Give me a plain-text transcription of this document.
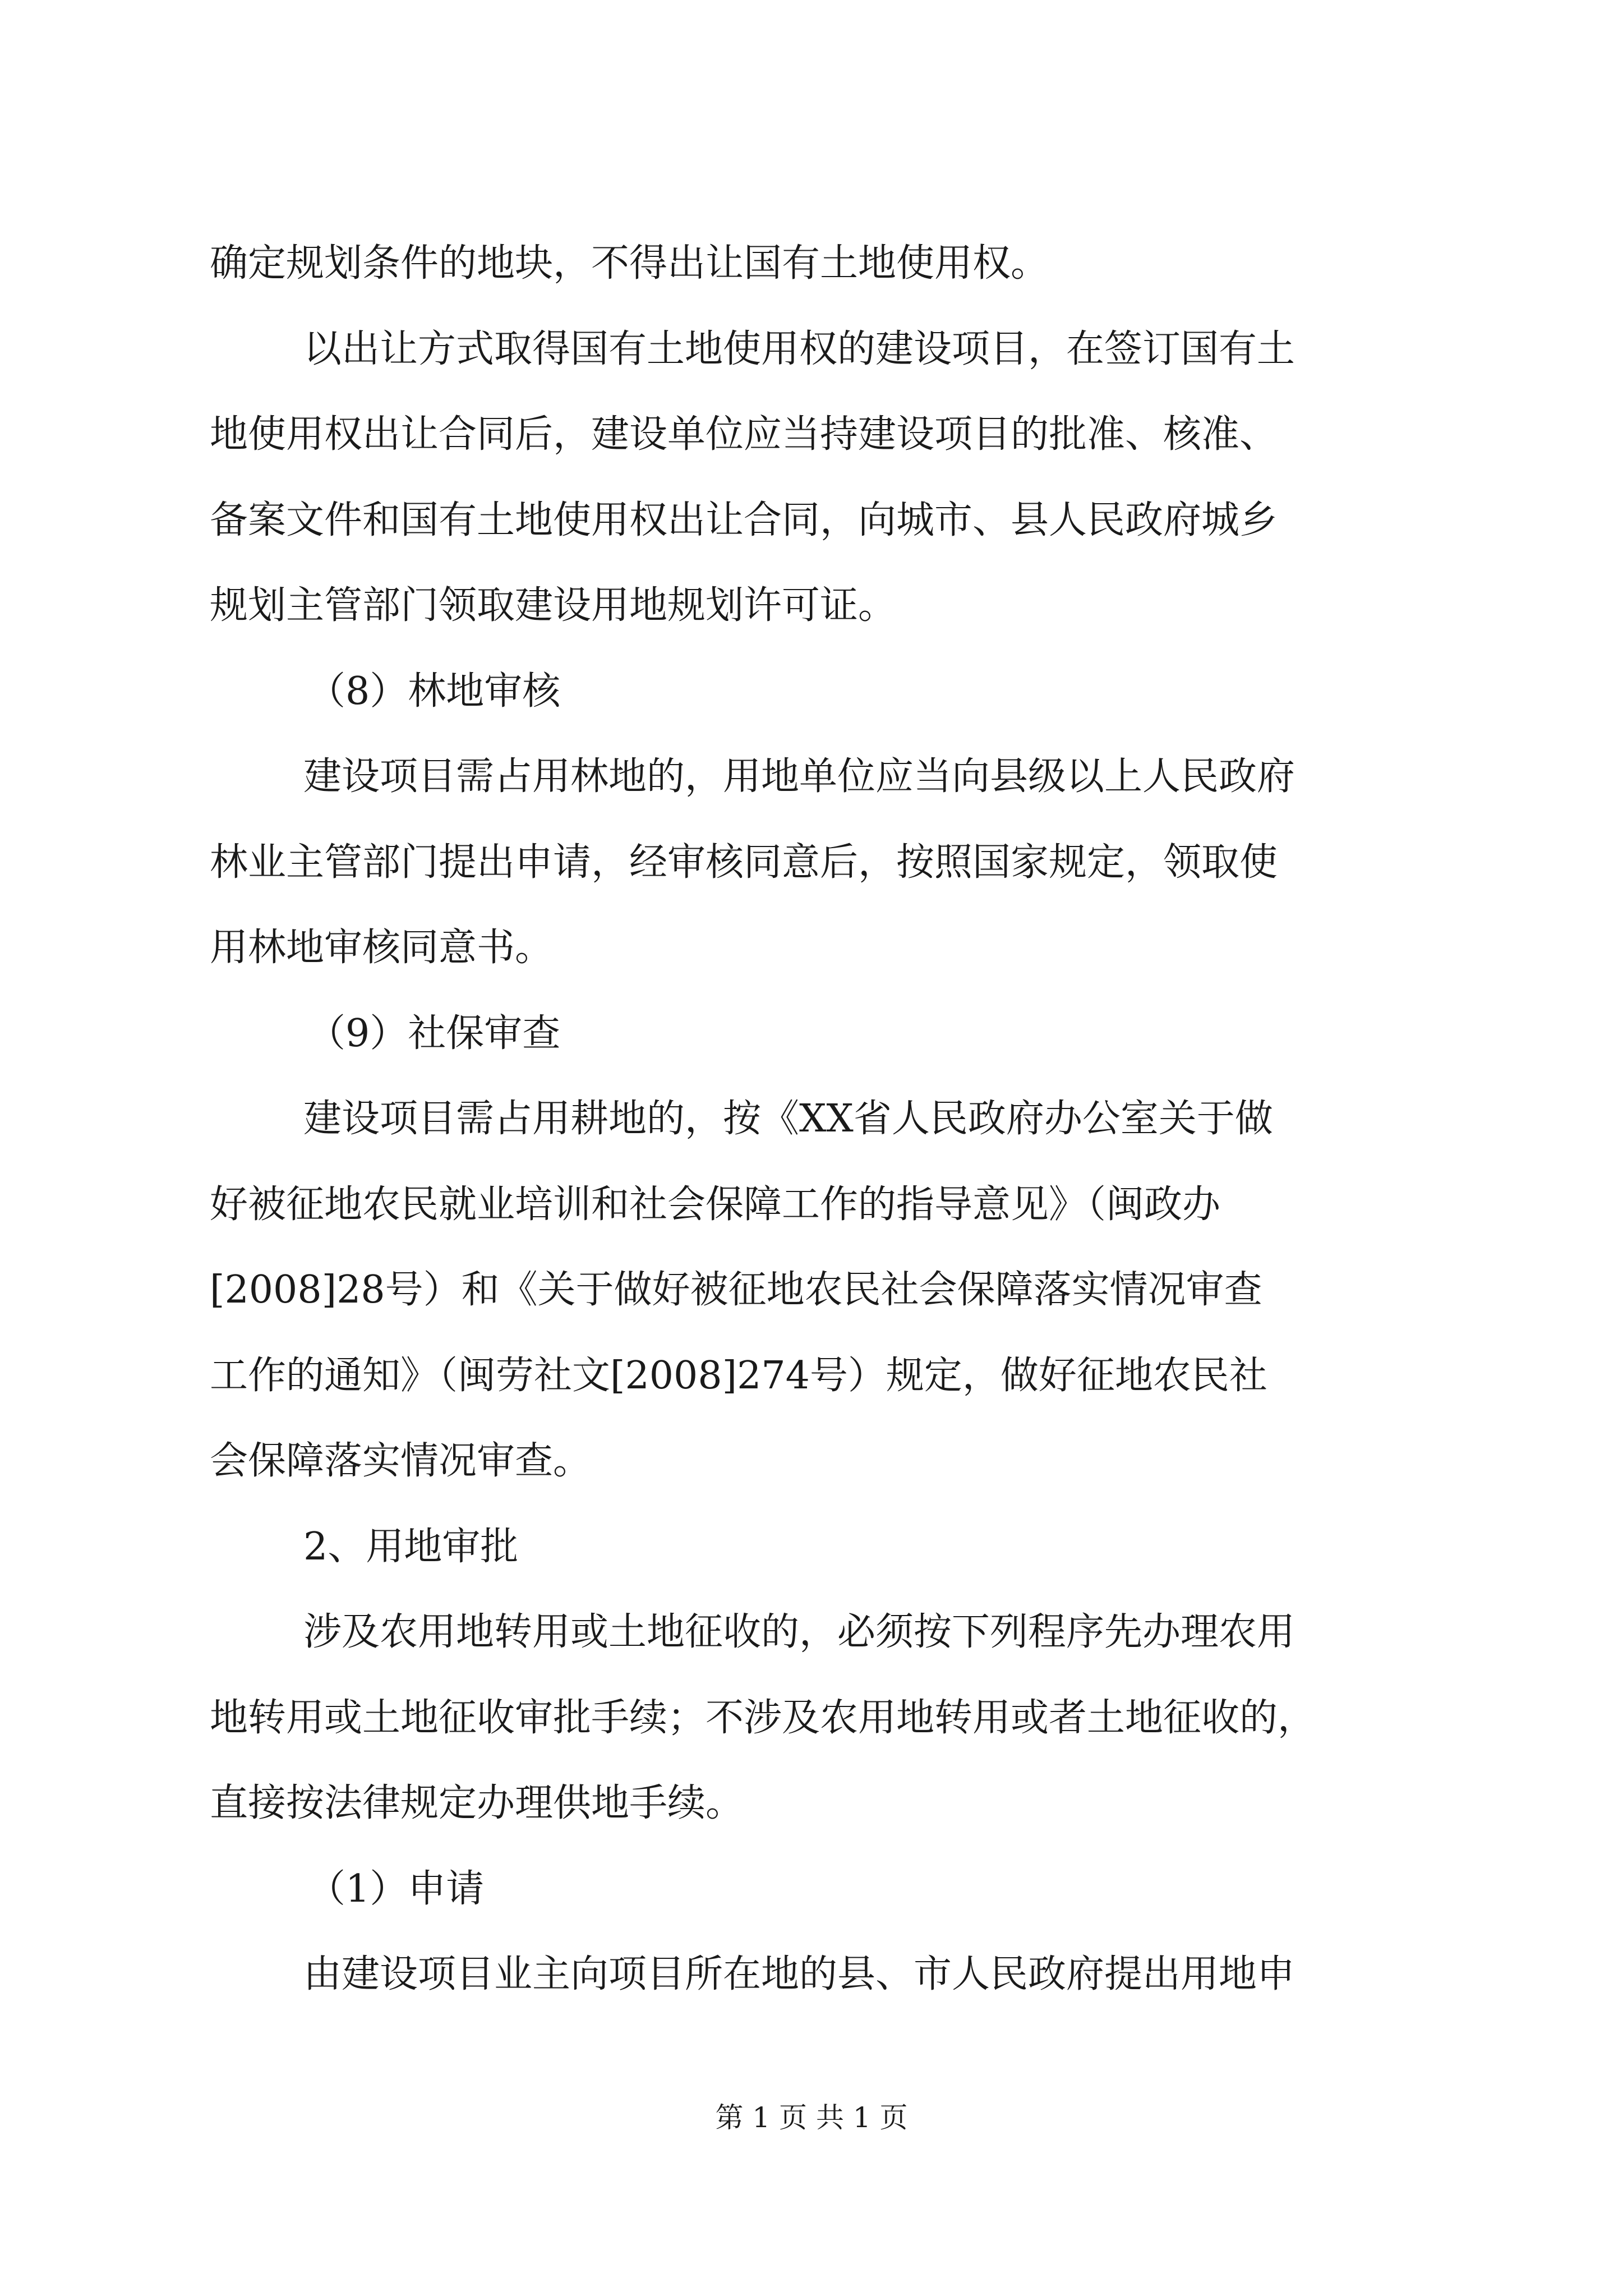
确定规划条件的地块，不得出让国有土地使用权。
以出让方式取得国有土地使用权的建设项目，在签订国有土
地使用权出让合同后，建设单位应当持建设项目的批准、核准、
备案文件和国有土地使用权出让合同，向城市、县人民政府城乡
规划主管部门领取建设用地规划许可证。
（8）林地审核
建设项目需占用林地的，用地单位应当向县级以上人民政府
林业主管部门提出申请，经审核同意后，按照国家规定，领取使
用林地审核同意书。
（9）社保审查
建设项目需占用耕地的，按《XX省人民政府办公室关于做
好被征地农民就业培训和社会保障工作的指导意见》（闽政办
[2008]28号）和《关于做好被征地农民社会保障落实情况审查
工作的通知》（闽劳社文[2008]274号）规定，做好征地农民社
会保障落实情况审查。
2、用地审批
涉及农用地转用或土地征收的，必须按下列程序先办理农用
地转用或土地征收审批手续；不涉及农用地转用或者土地征收的，
直接按法律规定办理供地手续。
（1）申请
由建设项目业主向项目所在地的县、市人民政府提出用地申
第 1 页 共 1 页
